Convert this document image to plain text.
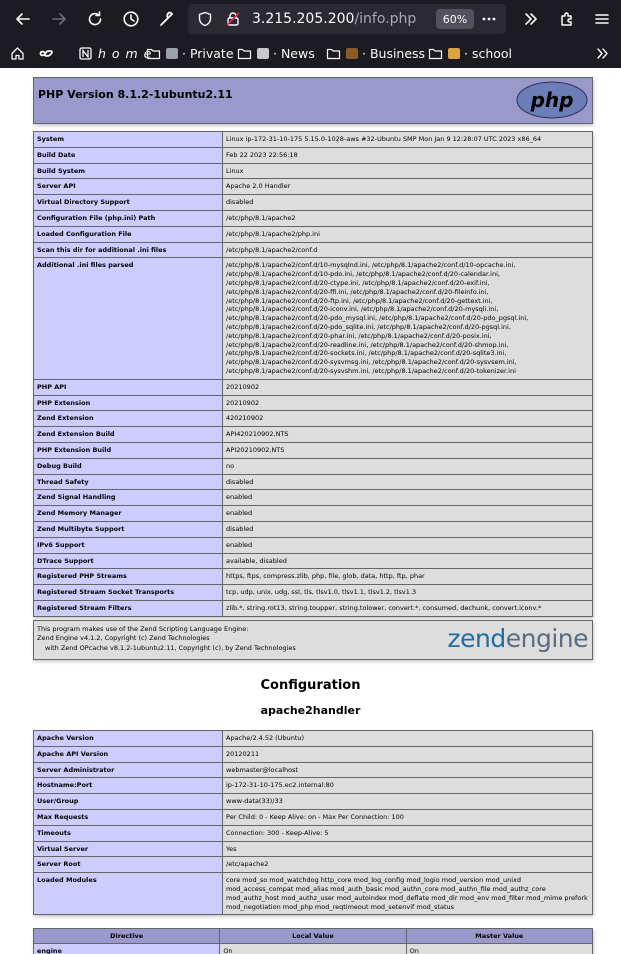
3.215.205.200/info.php	60%
h o m e · Private	· News	· Business	· school
PHP Version 8.1.2-1ubuntu2.11	php
System	Linux ip-172-31-10-175 5.15.0-1028-aws #32-Ubuntu SMP Mon Jan 9 12:28:07 UTC 2023 x86_64
Build Date	Feb 22 2023 22:56:18
Build System	Linux
Server API	Apache 2.0 Handler
Virtual Directory Support	disabled
Configuration File (php.ini) Path	/etc/php/8.1/apache2
Loaded Configuration File	/etc/php/8.1/apache2/php.ini
Scan this dir for additional .ini files	/etc/php/8.1/apache2/conf.d
Additional .ini files parsed	/etc/php/8.1/apache2/conf.d/10-mysqlnd.ini, /etc/php/8.1/apache2/conf.d/10-opcache.ini, /etc/php/8.1/apache2/conf.d/10-pdo.ini, /etc/php/8.1/apache2/conf.d/20-calendar.ini, /etc/php/8.1/apache2/conf.d/20-ctype.ini, /etc/php/8.1/apache2/conf.d/20-exif.ini, /etc/php/8.1/apache2/conf.d/20-ffi.ini, /etc/php/8.1/apache2/conf.d/20-fileinfo.ini, /etc/php/8.1/apache2/conf.d/20-ftp.ini, /etc/php/8.1/apache2/conf.d/20-gettext.ini, /etc/php/8.1/apache2/conf.d/20-iconv.ini, /etc/php/8.1/apache2/conf.d/20-mysqli.ini, /etc/php/8.1/apache2/conf.d/20-pdo_mysql.ini, /etc/php/8.1/apache2/conf.d/20-pdo_pgsql.ini, /etc/php/8.1/apache2/conf.d/20-pdo_sqlite.ini, /etc/php/8.1/apache2/conf.d/20-pgsql.ini, /etc/php/8.1/apache2/conf.d/20-phar.ini, /etc/php/8.1/apache2/conf.d/20-posix.ini, /etc/php/8.1/apache2/conf.d/20-readline.ini, /etc/php/8.1/apache2/conf.d/20-shmop.ini, /etc/php/8.1/apache2/conf.d/20-sockets.ini, /etc/php/8.1/apache2/conf.d/20-sqlite3.ini, /etc/php/8.1/apache2/conf.d/20-sysvmsg.ini, /etc/php/8.1/apache2/conf.d/20-sysvsem.ini, /etc/php/8.1/apache2/conf.d/20-sysvshm.ini, /etc/php/8.1/apache2/conf.d/20-tokenizer.ini
PHP API	20210902
PHP Extension	20210902
Zend Extension	420210902
Zend Extension Build	API420210902,NTS
PHP Extension Build	API20210902,NTS
Debug Build	no
Thread Safety	disabled
Zend Signal Handling	enabled
Zend Memory Manager	enabled
Zend Multibyte Support	disabled
IPv6 Support	enabled
DTrace Support	available, disabled
Registered PHP Streams	https, ftps, compress.zlib, php, file, glob, data, http, ftp, phar
Registered Stream Socket Transports	tcp, udp, unix, udg, ssl, tls, tlsv1.0, tlsv1.1, tlsv1.2, tlsv1.3
Registered Stream Filters	zlib.*, string.rot13, string.toupper, string.tolower, convert.*, consumed, dechunk, convert.iconv.*
This program makes use of the Zend Scripting Language Engine:
Zend Engine v4.1.2, Copyright (c) Zend Technologies
with Zend OPcache v8.1.2-1ubuntu2.11, Copyright (c), by Zend Technologies	zendengine
Configuration
apache2handler
Apache Version	Apache/2.4.52 (Ubuntu)
Apache API Version	20120211
Server Administrator	webmaster@localhost
Hostname:Port	ip-172-31-10-175.ec2.internal:80
User/Group	www-data(33)/33
Max Requests	Per Child: 0 - Keep Alive: on - Max Per Connection: 100
Timeouts	Connection: 300 - Keep-Alive: 5
Virtual Server	Yes
Server Root	/etc/apache2
Loaded Modules	core mod_so mod_watchdog http_core mod_log_config mod_logio mod_version mod_unixd mod_access_compat mod_alias mod_auth_basic mod_authn_core mod_authn_file mod_authz_core mod_authz_host mod_authz_user mod_autoindex mod_deflate mod_dir mod_env mod_filter mod_mime prefork mod_negotiation mod_php mod_reqtimeout mod_setenvif mod_status
Directive	Local Value	Master Value
engine	On	On
